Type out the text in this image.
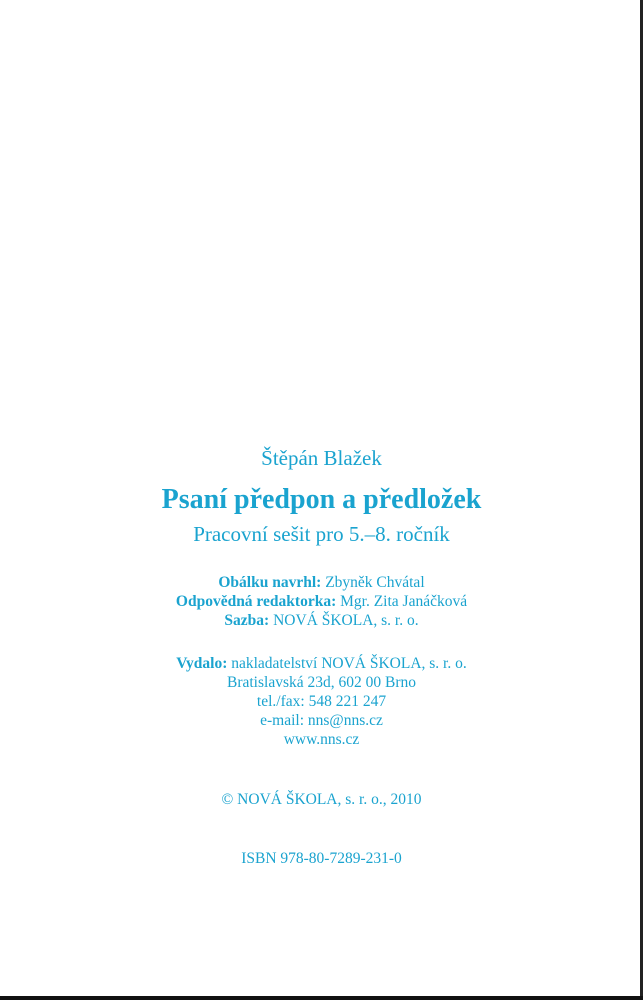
Štěpán Blažek
Psaní předpon a předložek
Pracovní sešit pro 5.–8. ročník
Obálku navrhl: Zbyněk Chvátal
Odpovědná redaktorka: Mgr. Zita Janáčková
Sazba: NOVÁ ŠKOLA, s. r. o.
Vydalo: nakladatelství NOVÁ ŠKOLA, s. r. o.
Bratislavská 23d, 602 00 Brno
tel./fax: 548 221 247
e-mail: nns@nns.cz
www.nns.cz
© NOVÁ ŠKOLA, s. r. o., 2010
ISBN 978-80-7289-231-0
